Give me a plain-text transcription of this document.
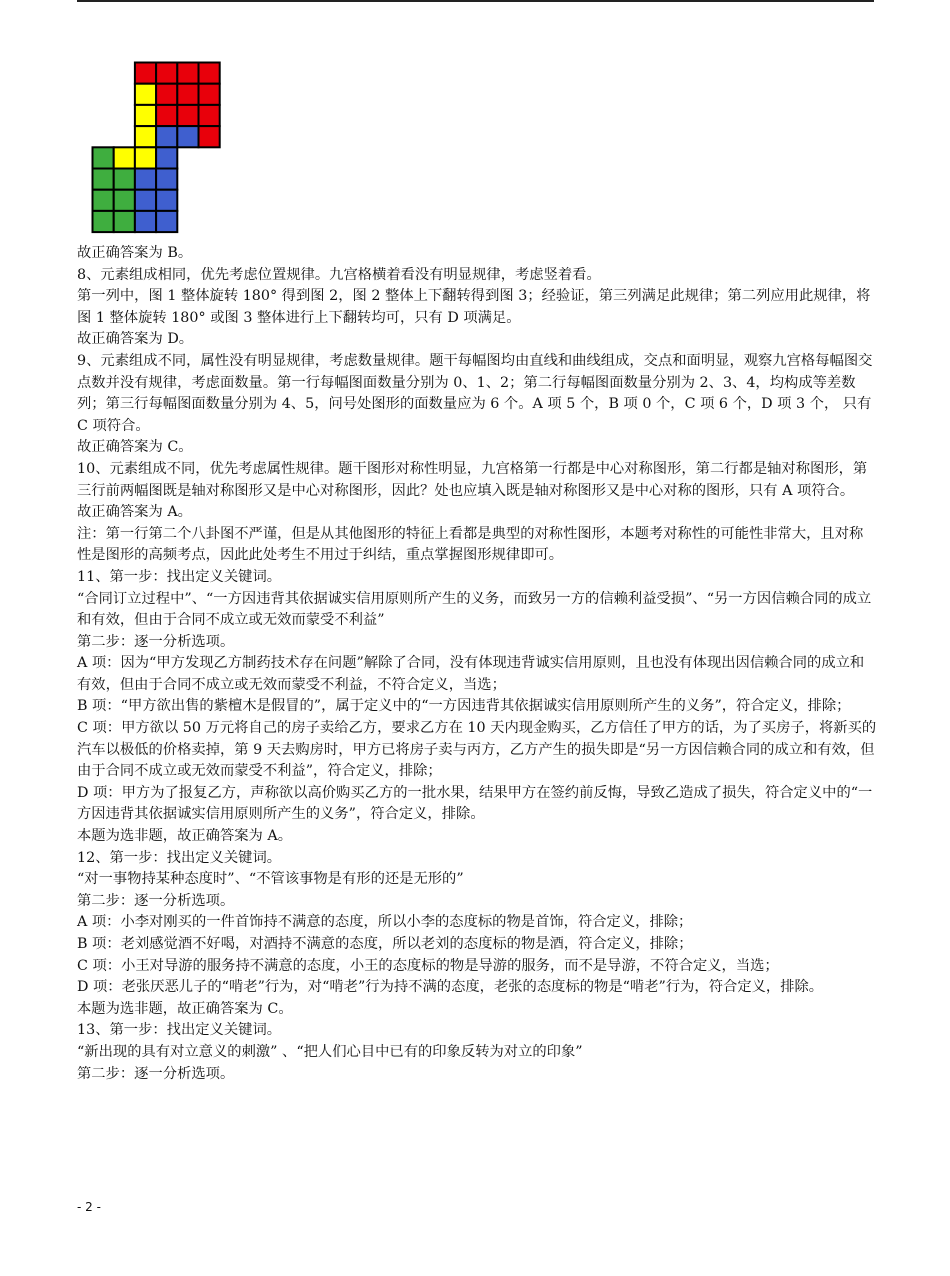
故正确答案为 B。

8、元素组成相同，优先考虑位置规律。九宫格横着看没有明显规律，考虑竖着看。

第一列中，图 1 整体旋转 180° 得到图 2，图 2 整体上下翻转得到图 3；经验证，第三列满足此规律；第二列应用此规律，将图 1 整体旋转 180° 或图 3 整体进行上下翻转均可，只有 D 项满足。

故正确答案为 D。

9、元素组成不同，属性没有明显规律，考虑数量规律。题干每幅图均由直线和曲线组成，交点和面明显，观察九宫格每幅图交点数并没有规律，考虑面数量。第一行每幅图面数量分别为 0、1、2；第二行每幅图面数量分别为 2、3、4，均构成等差数列；第三行每幅图面数量分别为 4、5，问号处图形的面数量应为 6 个。A 项 5 个，B 项 0 个，C 项 6 个，D 项 3 个， 只有 C 项符合。

故正确答案为 C。

10、元素组成不同，优先考虑属性规律。题干图形对称性明显，九宫格第一行都是中心对称图形，第二行都是轴对称图形，第三行前两幅图既是轴对称图形又是中心对称图形，因此？处也应填入既是轴对称图形又是中心对称的图形，只有 A 项符合。

故正确答案为 A。

注：第一行第二个八卦图不严谨，但是从其他图形的特征上看都是典型的对称性图形，本题考对称性的可能性非常大，且对称性是图形的高频考点，因此此处考生不用过于纠结，重点掌握图形规律即可。

11、第一步：找出定义关键词。

“合同订立过程中”、“一方因违背其依据诚实信用原则所产生的义务，而致另一方的信赖利益受损”、“另一方因信赖合同的成立和有效，但由于合同不成立或无效而蒙受不利益”

第二步：逐一分析选项。

A 项：因为“甲方发现乙方制药技术存在问题”解除了合同，没有体现违背诚实信用原则，且也没有体现出因信赖合同的成立和有效，但由于合同不成立或无效而蒙受不利益，不符合定义，当选；

B 项：“甲方欲出售的紫檀木是假冒的”，属于定义中的“一方因违背其依据诚实信用原则所产生的义务”，符合定义，排除；

C 项：甲方欲以 50 万元将自己的房子卖给乙方，要求乙方在 10 天内现金购买，乙方信任了甲方的话，为了买房子，将新买的汽车以极低的价格卖掉，第 9 天去购房时，甲方已将房子卖与丙方，乙方产生的损失即是“另一方因信赖合同的成立和有效，但由于合同不成立或无效而蒙受不利益”，符合定义，排除；

D 项：甲方为了报复乙方，声称欲以高价购买乙方的一批水果，结果甲方在签约前反悔，导致乙造成了损失，符合定义中的“一方因违背其依据诚实信用原则所产生的义务”，符合定义，排除。

本题为选非题，故正确答案为 A。

12、第一步：找出定义关键词。

“对一事物持某种态度时”、“不管该事物是有形的还是无形的”

第二步：逐一分析选项。

A 项：小李对刚买的一件首饰持不满意的态度，所以小李的态度标的物是首饰，符合定义，排除；

B 项：老刘感觉酒不好喝，对酒持不满意的态度，所以老刘的态度标的物是酒，符合定义，排除；

C 项：小王对导游的服务持不满意的态度，小王的态度标的物是导游的服务，而不是导游，不符合定义，当选；

D 项：老张厌恶儿子的“啃老”行为，对“啃老”行为持不满的态度，老张的态度标的物是“啃老”行为，符合定义，排除。

本题为选非题，故正确答案为 C。

13、第一步：找出定义关键词。

“新出现的具有对立意义的刺激” 、“把人们心目中已有的印象反转为对立的印象”

第二步：逐一分析选项。

- 2 -
